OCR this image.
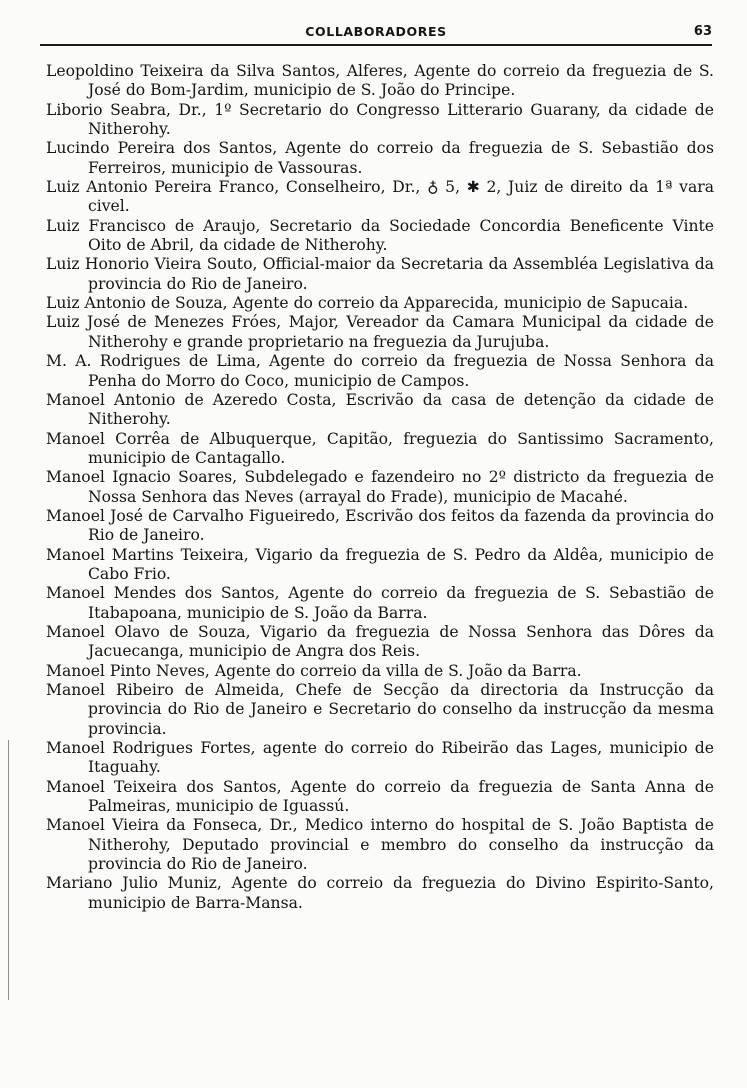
COLLABORADORES	63

Leopoldino Teixeira da Silva Santos, Alferes, Agente do correio da freguezia de S. José do Bom-Jardim, municipio de S. João do Principe.

Liborio Seabra, Dr., 1º Secretario do Congresso Litterario Guarany, da cidade de Nitherohy.

Lucindo Pereira dos Santos, Agente do correio da freguezia de S. Sebastião dos Ferreiros, municipio de Vassouras.

Luiz Antonio Pereira Franco, Conselheiro, Dr., ♁ 5, ✱ 2, Juiz de direito da 1ª vara civel.

Luiz Francisco de Araujo, Secretario da Sociedade Concordia Beneficente Vinte Oito de Abril, da cidade de Nitherohy.

Luiz Honorio Vieira Souto, Official-maior da Secretaria da Assembléa Legislativa da provincia do Rio de Janeiro.

Luiz Antonio de Souza, Agente do correio da Apparecida, municipio de Sapucaia.

Luiz José de Menezes Fróes, Major, Vereador da Camara Municipal da cidade de Nitherohy e grande proprietario na freguezia da Jurujuba.

M. A. Rodrigues de Lima, Agente do correio da freguezia de Nossa Senhora da Penha do Morro do Coco, municipio de Campos.

Manoel Antonio de Azeredo Costa, Escrivão da casa de detenção da cidade de Nitherohy.

Manoel Corrêa de Albuquerque, Capitão, freguezia do Santissimo Sacramento, municipio de Cantagallo.

Manoel Ignacio Soares, Subdelegado e fazendeiro no 2º districto da freguezia de Nossa Senhora das Neves (arrayal do Frade), municipio de Macahé.

Manoel José de Carvalho Figueiredo, Escrivão dos feitos da fazenda da provincia do Rio de Janeiro.

Manoel Martins Teixeira, Vigario da freguezia de S. Pedro da Aldêa, municipio de Cabo Frio.

Manoel Mendes dos Santos, Agente do correio da freguezia de S. Sebastião de Itabapoana, municipio de S. João da Barra.

Manoel Olavo de Souza, Vigario da freguezia de Nossa Senhora das Dôres da Jacuecanga, municipio de Angra dos Reis.

Manoel Pinto Neves, Agente do correio da villa de S. João da Barra.

Manoel Ribeiro de Almeida, Chefe de Secção da directoria da Instrucção da provincia do Rio de Janeiro e Secretario do conselho da instrucção da mesma provincia.

Manoel Rodrigues Fortes, agente do correio do Ribeirão das Lages, municipio de Itaguahy.

Manoel Teixeira dos Santos, Agente do correio da freguezia de Santa Anna de Palmeiras, municipio de Iguassú.

Manoel Vieira da Fonseca, Dr., Medico interno do hospital de S. João Baptista de Nitherohy, Deputado provincial e membro do conselho da instrucção da provincia do Rio de Janeiro.

Mariano Julio Muniz, Agente do correio da freguezia do Divino Espirito-Santo, municipio de Barra-Mansa.
